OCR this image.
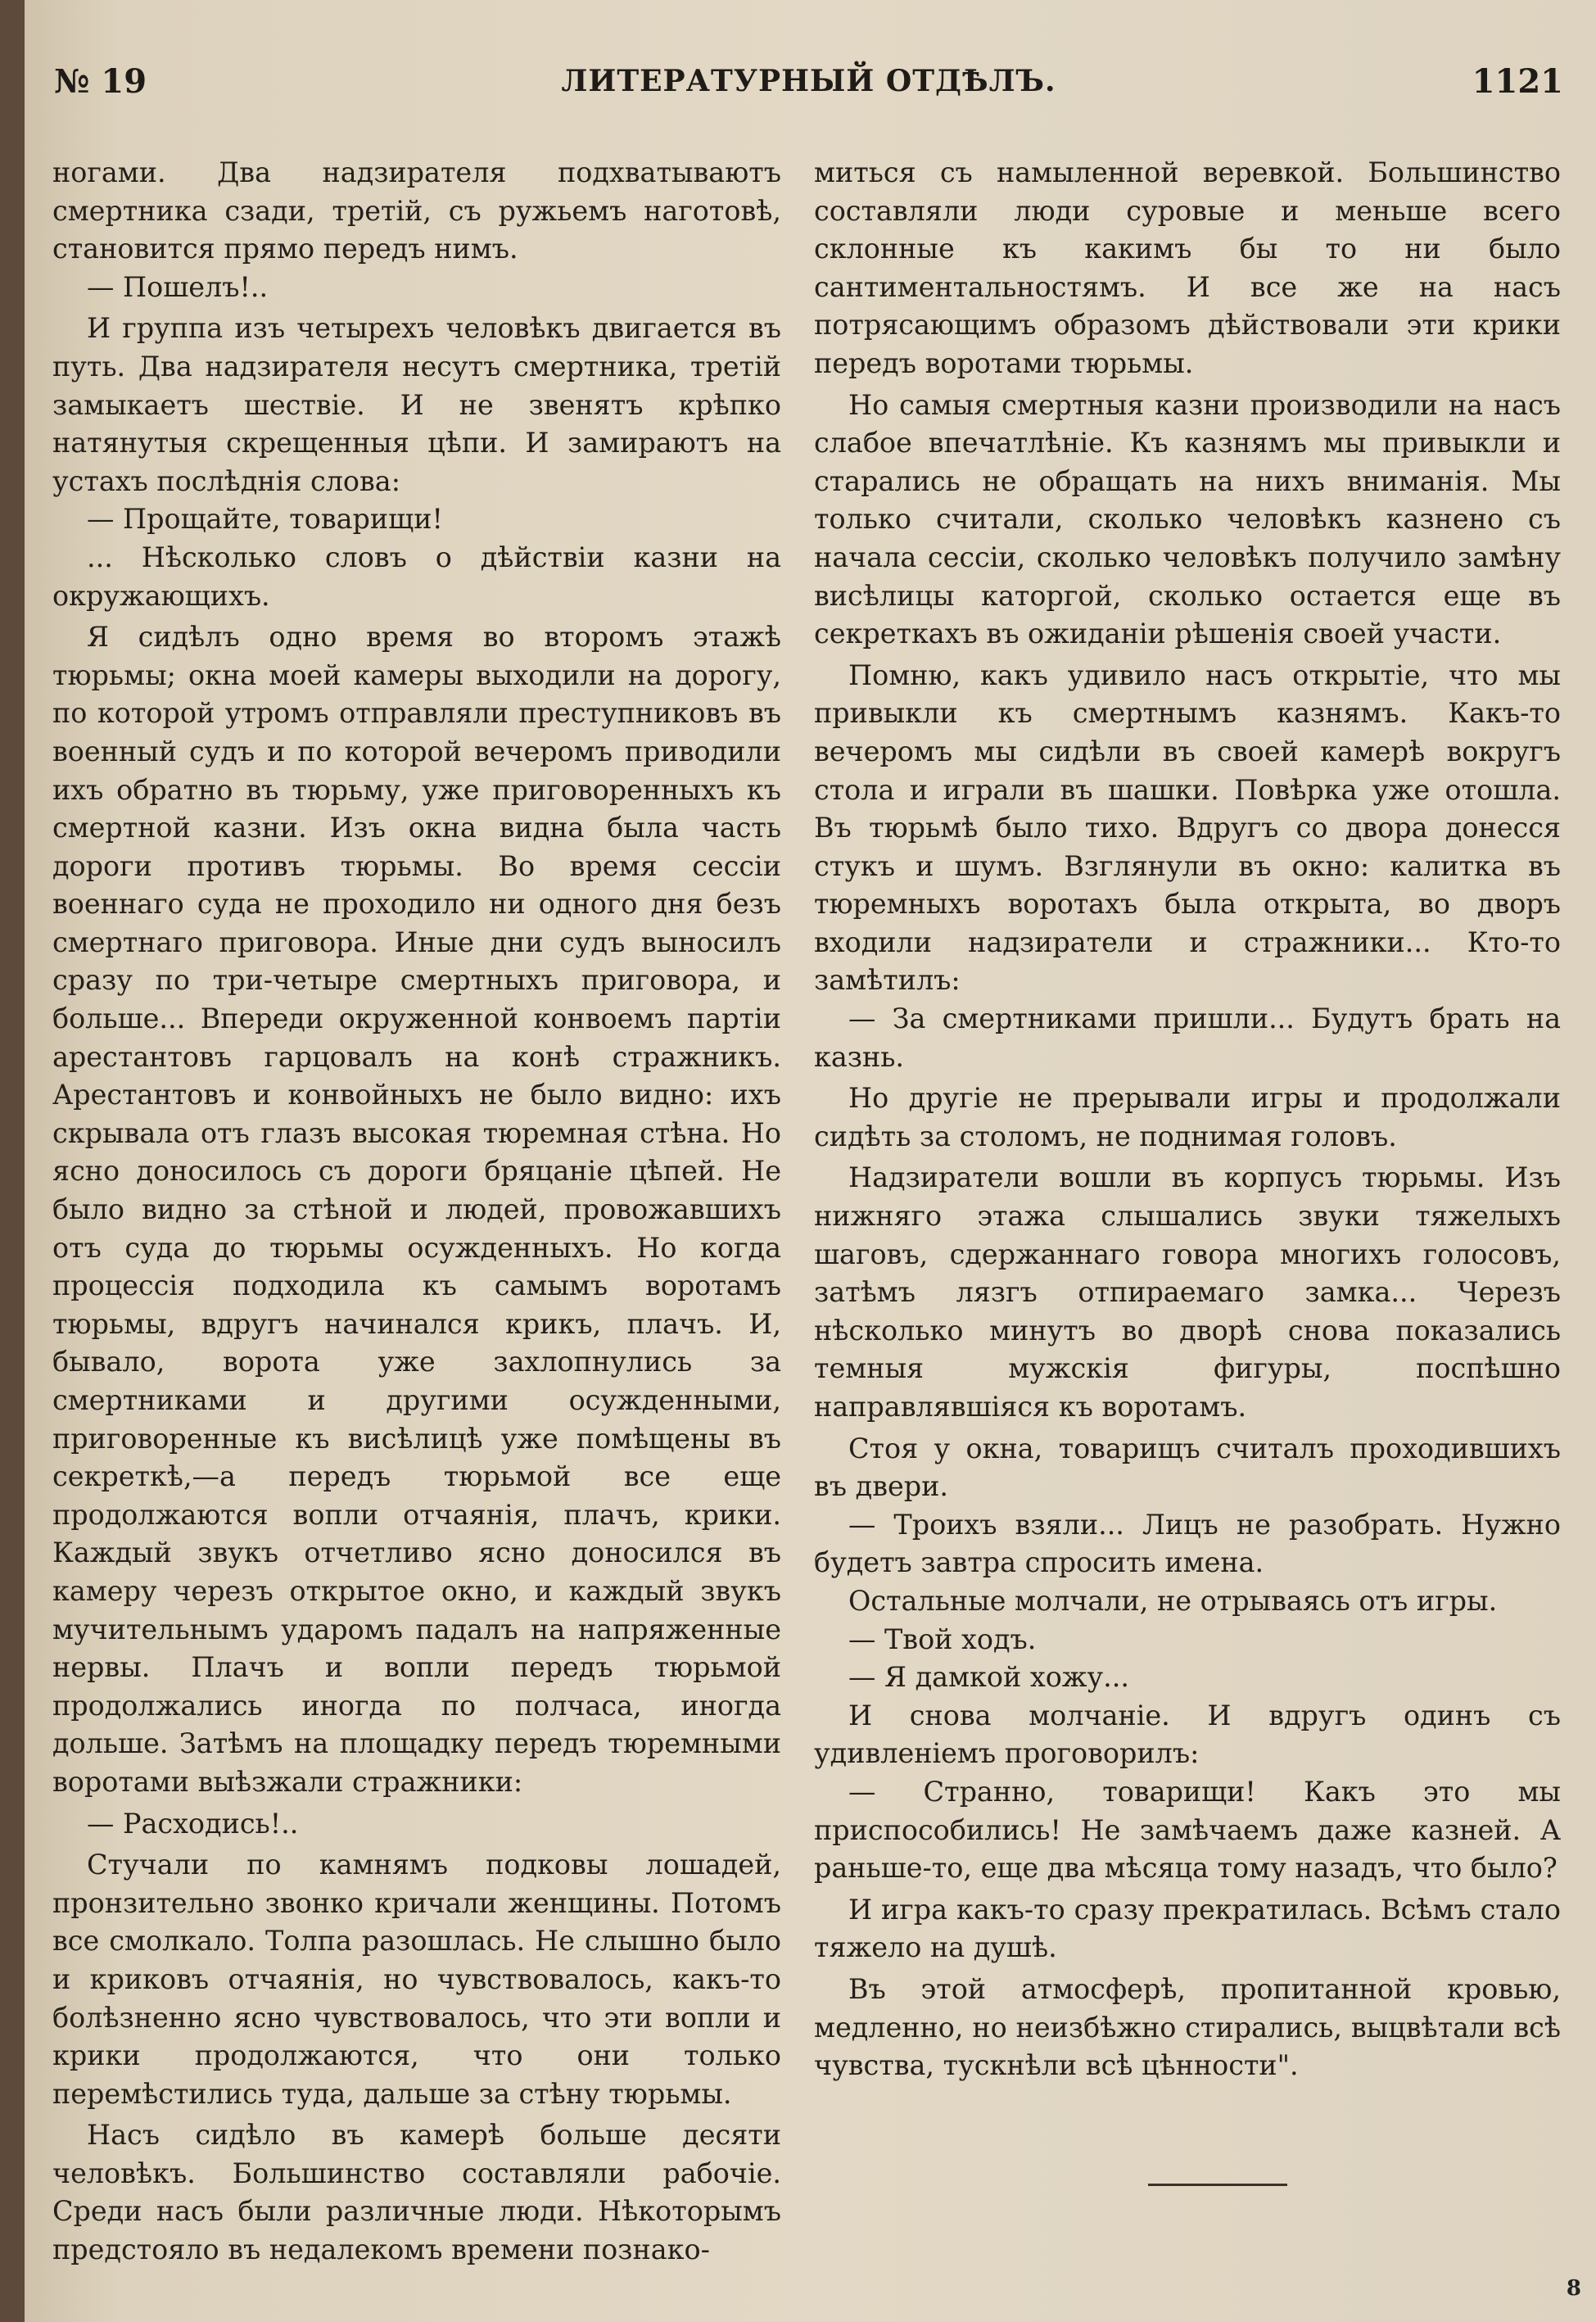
№ 19	ЛИТЕРАТУРНЫЙ ОТДѢЛЪ.	1121

ногами. Два надзирателя подхватываютъ смертника сзади, третій, съ ружьемъ наготовѣ, становится прямо передъ нимъ.

— Пошелъ!..

И группа изъ четырехъ человѣкъ двигается въ путь. Два надзирателя несутъ смертника, третій замыкаетъ шествіе. И не звенятъ крѣпко натянутыя скрещенныя цѣпи. И замираютъ на устахъ послѣднія слова:

— Прощайте, товарищи!

... Нѣсколько словъ о дѣйствіи казни на окружающихъ.

Я сидѣлъ одно время во второмъ этажѣ тюрьмы; окна моей камеры выходили на дорогу, по которой утромъ отправляли преступниковъ въ военный судъ и по которой вечеромъ приводили ихъ обратно въ тюрьму, уже приговоренныхъ къ смертной казни. Изъ окна видна была часть дороги противъ тюрьмы. Во время сессіи военнаго суда не проходило ни одного дня безъ смертнаго приговора. Иные дни судъ выносилъ сразу по три-четыре смертныхъ приговора, и больше... Впереди окруженной конвоемъ партіи арестантовъ гарцовалъ на конѣ стражникъ. Арестантовъ и конвойныхъ не было видно: ихъ скрывала отъ глазъ высокая тюремная стѣна. Но ясно доносилось съ дороги бряцаніе цѣпей. Не было видно за стѣной и людей, провожавшихъ отъ суда до тюрьмы осужденныхъ. Но когда процессія подходила къ самымъ воротамъ тюрьмы, вдругъ начинался крикъ, плачъ. И, бывало, ворота уже захлопнулись за смертниками и другими осужденными, приговоренные къ висѣлицѣ уже помѣщены въ секреткѣ,—а передъ тюрьмой все еще продолжаются вопли отчаянія, плачъ, крики. Каждый звукъ отчетливо ясно доносился въ камеру черезъ открытое окно, и каждый звукъ мучительнымъ ударомъ падалъ на напряженные нервы. Плачъ и вопли передъ тюрьмой продолжались иногда по полчаса, иногда дольше. Затѣмъ на площадку передъ тюремными воротами выѣзжали стражники:

— Расходись!..

Стучали по камнямъ подковы лошадей, пронзительно звонко кричали женщины. Потомъ все смолкало. Толпа разошлась. Не слышно было и криковъ отчаянія, но чувствовалось, какъ-то болѣзненно ясно чувствовалось, что эти вопли и крики продолжаются, что они только перемѣстились туда, дальше за стѣну тюрьмы.

Насъ сидѣло въ камерѣ больше десяти человѣкъ. Большинство составляли рабочіе. Среди насъ были различные люди. Нѣкоторымъ предстояло въ недалекомъ времени познако-

миться съ намыленной веревкой. Большинство составляли люди суровые и меньше всего склонные къ какимъ бы то ни было сантиментальностямъ. И все же на насъ потрясающимъ образомъ дѣйствовали эти крики передъ воротами тюрьмы.

Но самыя смертныя казни производили на насъ слабое впечатлѣніе. Къ казнямъ мы привыкли и старались не обращать на нихъ вниманія. Мы только считали, сколько человѣкъ казнено съ начала сессіи, сколько человѣкъ получило замѣну висѣлицы каторгой, сколько остается еще въ секреткахъ въ ожиданіи рѣшенія своей участи.

Помню, какъ удивило насъ открытіе, что мы привыкли къ смертнымъ казнямъ. Какъ-то вечеромъ мы сидѣли въ своей камерѣ вокругъ стола и играли въ шашки. Повѣрка уже отошла. Въ тюрьмѣ было тихо. Вдругъ со двора донесся стукъ и шумъ. Взглянули въ окно: калитка въ тюремныхъ воротахъ была открыта, во дворъ входили надзиратели и стражники... Кто-то замѣтилъ:

— За смертниками пришли... Будутъ брать на казнь.

Но другіе не прерывали игры и продолжали сидѣть за столомъ, не поднимая головъ.

Надзиратели вошли въ корпусъ тюрьмы. Изъ нижняго этажа слышались звуки тяжелыхъ шаговъ, сдержаннаго говора многихъ голосовъ, затѣмъ лязгъ отпираемаго замка... Черезъ нѣсколько минутъ во дворѣ снова показались темныя мужскія фигуры, поспѣшно направлявшіяся къ воротамъ.

Стоя у окна, товарищъ считалъ проходившихъ въ двери.

— Троихъ взяли... Лицъ не разобрать. Нужно будетъ завтра спросить имена.

Остальные молчали, не отрываясь отъ игры.

— Твой ходъ.

— Я дамкой хожу...

И снова молчаніе. И вдругъ одинъ съ удивленіемъ проговорилъ:

— Странно, товарищи! Какъ это мы приспособились! Не замѣчаемъ даже казней. А раньше-то, еще два мѣсяца тому назадъ, что было?

И игра какъ-то сразу прекратилась. Всѣмъ стало тяжело на душѣ.

Въ этой атмосферѣ, пропитанной кровью, медленно, но неизбѣжно стирались, выцвѣтали всѣ чувства, тускнѣли всѣ цѣнности".

8
